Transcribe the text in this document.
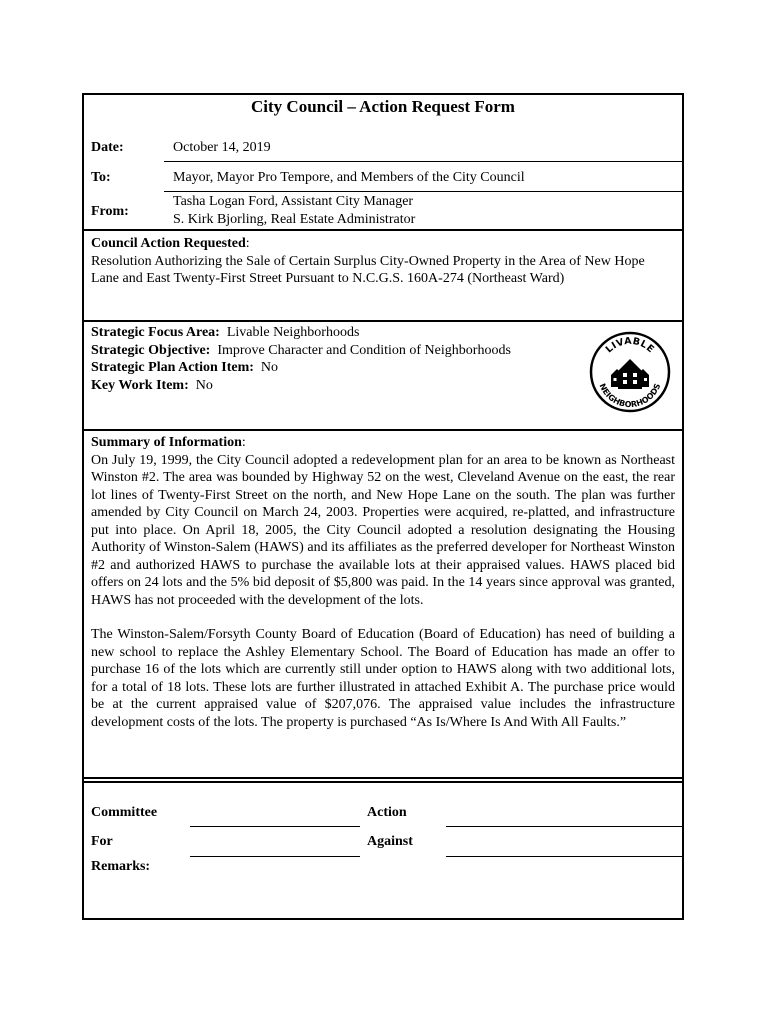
City Council – Action Request Form
Date:	October 14, 2019
To:	Mayor, Mayor Pro Tempore, and Members of the City Council
From:
Tasha Logan Ford, Assistant City Manager
S. Kirk Bjorling, Real Estate Administrator
Council Action Requested:
Resolution Authorizing the Sale of Certain Surplus City-Owned Property in the Area of New Hope Lane and East Twenty-First Street Pursuant to N.C.G.S. 160A-274 (Northeast Ward)
Strategic Focus Area: Livable Neighborhoods
Strategic Objective: Improve Character and Condition of Neighborhoods
Strategic Plan Action Item: No
Key Work Item: No
LIVABLE
NEIGHBORHOODS
Summary of Information:
On July 19, 1999, the City Council adopted a redevelopment plan for an area to be known as Northeast Winston #2. The area was bounded by Highway 52 on the west, Cleveland Avenue on the east, the rear lot lines of Twenty-First Street on the north, and New Hope Lane on the south. The plan was further amended by City Council on March 24, 2003. Properties were acquired, re-platted, and infrastructure put into place. On April 18, 2005, the City Council adopted a resolution designating the Housing Authority of Winston-Salem (HAWS) and its affiliates as the preferred developer for Northeast Winston #2 and authorized HAWS to purchase the available lots at their appraised values. HAWS placed bid offers on 24 lots and the 5% bid deposit of $5,800 was paid. In the 14 years since approval was granted, HAWS has not proceeded with the development of the lots.
The Winston-Salem/Forsyth County Board of Education (Board of Education) has need of building a new school to replace the Ashley Elementary School. The Board of Education has made an offer to purchase 16 of the lots which are currently still under option to HAWS along with two additional lots, for a total of 18 lots. These lots are further illustrated in attached Exhibit A. The purchase price would be at the current appraised value of $207,076. The appraised value includes the infrastructure development costs of the lots. The property is purchased “As Is/Where Is And With All Faults.”
Committee	Action
For	Against
Remarks:
